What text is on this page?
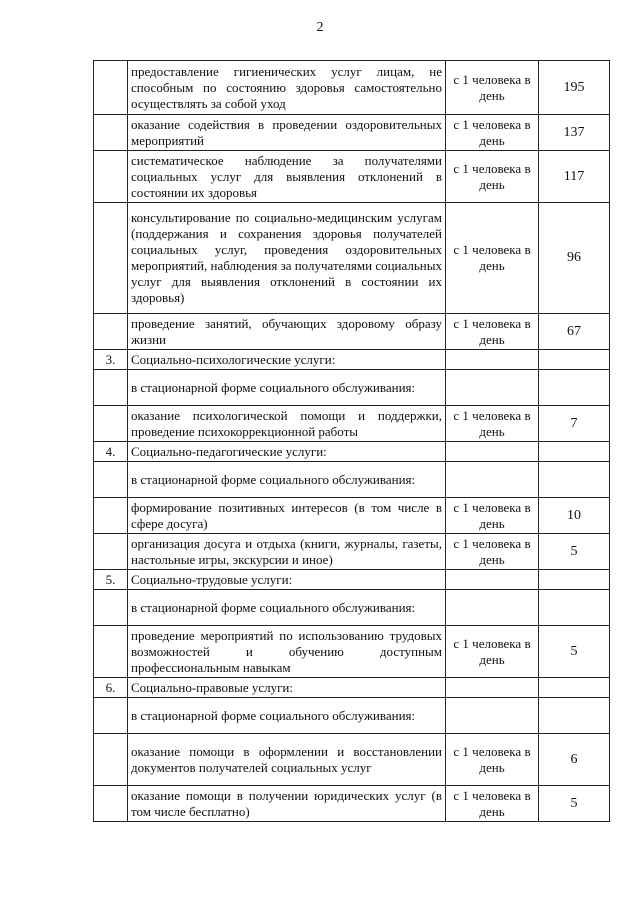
2
	предоставление гигиенических услуг лицам, не способным по состоянию здоровья самостоятельно осуществлять за собой уход	с 1 человека в день	195
	оказание содействия в проведении оздоровительных мероприятий	с 1 человека в день	137
	систематическое наблюдение за получателями социальных услуг для выявления отклонений в состоянии их здоровья	с 1 человека в день	117
	консультирование по социально-медицинским услугам (поддержания и сохранения здоровья получателей социальных услуг, проведения оздоровительных мероприятий, наблюдения за получателями социальных услуг для выявления отклонений в состоянии их здоровья)	с 1 человека в день	96
	проведение занятий, обучающих здоровому образу жизни	с 1 человека в день	67
3.	Социально-психологические услуги:		
	в стационарной форме социального обслуживания:		
	оказание психологической помощи и поддержки, проведение психокоррекционной работы	с 1 человека в день	7
4.	Социально-педагогические услуги:		
	в стационарной форме социального обслуживания:		
	формирование позитивных интересов (в том числе в сфере досуга)	с 1 человека в день	10
	организация досуга и отдыха (книги, журналы, газеты, настольные игры, экскурсии и иное)	с 1 человека в день	5
5.	Социально-трудовые услуги:		
	в стационарной форме социального обслуживания:		
	проведение мероприятий по использованию трудовых возможностей и обучению доступным профессиональным навыкам	с 1 человека в день	5
6.	Социально-правовые услуги:		
	в стационарной форме социального обслуживания:		
	оказание помощи в оформлении и восстановлении документов получателей социальных услуг	с 1 человека в день	6
	оказание помощи в получении юридических услуг (в том числе бесплатно)	с 1 человека в день	5
